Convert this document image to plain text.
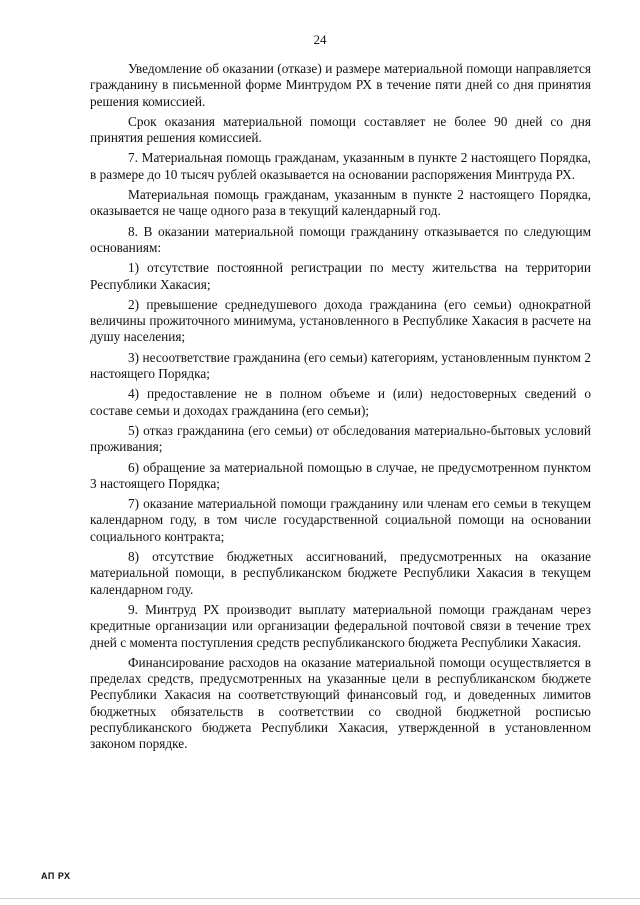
24

Уведомление об оказании (отказе) и размере материальной помощи направляется гражданину в письменной форме Минтрудом РХ в течение пяти дней со дня принятия решения комиссией.

Срок оказания материальной помощи составляет не более 90 дней со дня принятия решения комиссией.

7. Материальная помощь гражданам, указанным в пункте 2 настоящего Порядка, в размере до 10 тысяч рублей оказывается на основании распоряжения Минтруда РХ.

Материальная помощь гражданам, указанным в пункте 2 настоящего Порядка, оказывается не чаще одного раза в текущий календарный год.

8. В оказании материальной помощи гражданину отказывается по следующим основаниям:

1) отсутствие постоянной регистрации по месту жительства на территории Республики Хакасия;

2) превышение среднедушевого дохода гражданина (его семьи) однократной величины прожиточного минимума, установленного в Республике Хакасия в расчете на душу населения;

3) несоответствие гражданина (его семьи) категориям, установленным пунктом 2 настоящего Порядка;

4) предоставление не в полном объеме и (или) недостоверных сведений о составе семьи и доходах гражданина (его семьи);

5) отказ гражданина (его семьи) от обследования материально-бытовых условий проживания;

6) обращение за материальной помощью в случае, не предусмотренном пунктом 3 настоящего Порядка;

7) оказание материальной помощи гражданину или членам его семьи в текущем календарном году, в том числе государственной социальной помощи на основании социального контракта;

8) отсутствие бюджетных ассигнований, предусмотренных на оказание материальной помощи, в республиканском бюджете Республики Хакасия в текущем календарном году.

9. Минтруд РХ производит выплату материальной помощи гражданам через кредитные организации или организации федеральной почтовой связи в течение трех дней с момента поступления средств республиканского бюджета Республики Хакасия.

Финансирование расходов на оказание материальной помощи осуществляется в пределах средств, предусмотренных на указанные цели в республиканском бюджете Республики Хакасия на соответствующий финансовый год, и доведенных лимитов бюджетных обязательств в соответствии со сводной бюджетной росписью республиканского бюджета Республики Хакасия, утвержденной в установленном законом порядке.

АП РХ
